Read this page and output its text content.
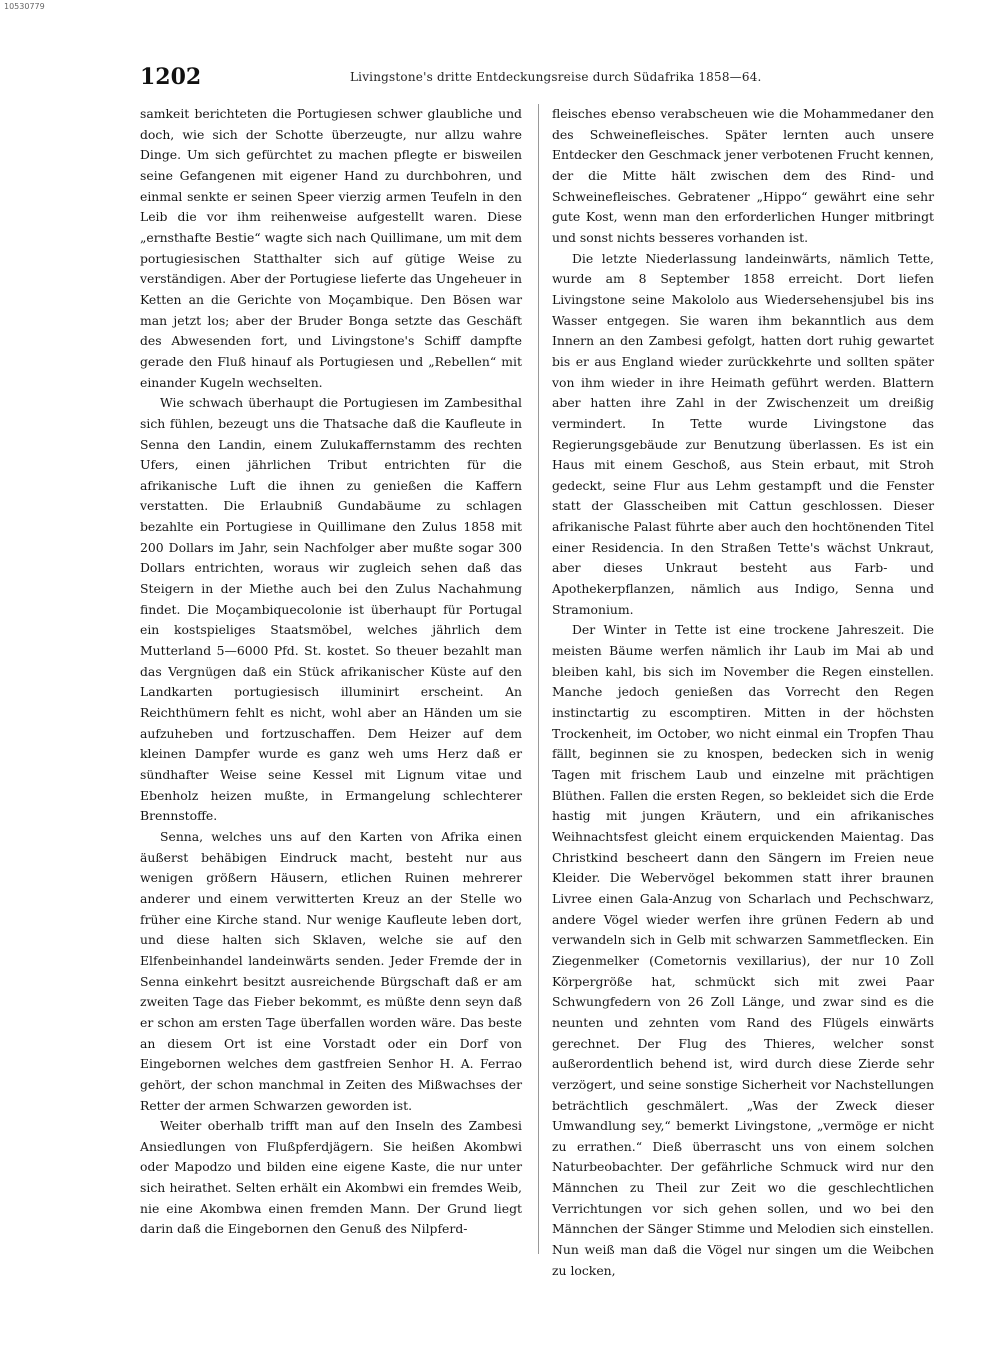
10530779
1202	Livingstone's dritte Entdeckungsreise durch Südafrika 1858—64.

samkeit berichteten die Portugiesen schwer glaubliche und doch, wie sich der Schotte überzeugte, nur allzu wahre Dinge. Um sich gefürchtet zu machen pflegte er bisweilen seine Gefangenen mit eigener Hand zu durchbohren, und einmal senkte er seinen Speer vierzig armen Teufeln in den Leib die vor ihm reihenweise aufgestellt waren. Diese „ernsthafte Bestie“ wagte sich nach Quillimane, um mit dem portugiesischen Statthalter sich auf gütige Weise zu verständigen. Aber der Portugiese lieferte das Ungeheuer in Ketten an die Gerichte von Moçambique. Den Bösen war man jetzt los; aber der Bruder Bonga setzte das Geschäft des Abwesenden fort, und Livingstone's Schiff dampfte gerade den Fluß hinauf als Portugiesen und „Rebellen“ mit einander Kugeln wechselten.

Wie schwach überhaupt die Portugiesen im Zambesithal sich fühlen, bezeugt uns die Thatsache daß die Kaufleute in Senna den Landin, einem Zulukaffernstamm des rechten Ufers, einen jährlichen Tribut entrichten für die afrikanische Luft die ihnen zu genießen die Kaffern verstatten. Die Erlaubniß Gundabäume zu schlagen bezahlte ein Portugiese in Quillimane den Zulus 1858 mit 200 Dollars im Jahr, sein Nachfolger aber mußte sogar 300 Dollars entrichten, woraus wir zugleich sehen daß das Steigern in der Miethe auch bei den Zulus Nachahmung findet. Die Moçambiquecolonie ist überhaupt für Portugal ein kostspieliges Staatsmöbel, welches jährlich dem Mutterland 5—6000 Pfd. St. kostet. So theuer bezahlt man das Vergnügen daß ein Stück afrikanischer Küste auf den Landkarten portugiesisch illuminirt erscheint. An Reichthümern fehlt es nicht, wohl aber an Händen um sie aufzuheben und fortzuschaffen. Dem Heizer auf dem kleinen Dampfer wurde es ganz weh ums Herz daß er sündhafter Weise seine Kessel mit Lignum vitae und Ebenholz heizen mußte, in Ermangelung schlechterer Brennstoffe.

Senna, welches uns auf den Karten von Afrika einen äußerst behäbigen Eindruck macht, besteht nur aus wenigen größern Häusern, etlichen Ruinen mehrerer anderer und einem verwitterten Kreuz an der Stelle wo früher eine Kirche stand. Nur wenige Kaufleute leben dort, und diese halten sich Sklaven, welche sie auf den Elfenbeinhandel landeinwärts senden. Jeder Fremde der in Senna einkehrt besitzt ausreichende Bürgschaft daß er am zweiten Tage das Fieber bekommt, es müßte denn seyn daß er schon am ersten Tage überfallen worden wäre. Das beste an diesem Ort ist eine Vorstadt oder ein Dorf von Eingebornen welches dem gastfreien Senhor H. A. Ferrao gehört, der schon manchmal in Zeiten des Mißwachses der Retter der armen Schwarzen geworden ist.

Weiter oberhalb trifft man auf den Inseln des Zambesi Ansiedlungen von Flußpferdjägern. Sie heißen Akombwi oder Mapodzo und bilden eine eigene Kaste, die nur unter sich heirathet. Selten erhält ein Akombwi ein fremdes Weib, nie eine Akombwa einen fremden Mann. Der Grund liegt darin daß die Eingebornen den Genuß des Nilpferd-

fleisches ebenso verabscheuen wie die Mohammedaner den des Schweinefleisches. Später lernten auch unsere Entdecker den Geschmack jener verbotenen Frucht kennen, der die Mitte hält zwischen dem des Rind- und Schweinefleisches. Gebratener „Hippo“ gewährt eine sehr gute Kost, wenn man den erforderlichen Hunger mitbringt und sonst nichts besseres vorhanden ist.

Die letzte Niederlassung landeinwärts, nämlich Tette, wurde am 8 September 1858 erreicht. Dort liefen Livingstone seine Makololo aus Wiedersehensjubel bis ins Wasser entgegen. Sie waren ihm bekanntlich aus dem Innern an den Zambesi gefolgt, hatten dort ruhig gewartet bis er aus England wieder zurückkehrte und sollten später von ihm wieder in ihre Heimath geführt werden. Blattern aber hatten ihre Zahl in der Zwischenzeit um dreißig vermindert. In Tette wurde Livingstone das Regierungsgebäude zur Benutzung überlassen. Es ist ein Haus mit einem Geschoß, aus Stein erbaut, mit Stroh gedeckt, seine Flur aus Lehm gestampft und die Fenster statt der Glasscheiben mit Cattun geschlossen. Dieser afrikanische Palast führte aber auch den hochtönenden Titel einer Residencia. In den Straßen Tette's wächst Unkraut, aber dieses Unkraut besteht aus Farb- und Apothekerpflanzen, nämlich aus Indigo, Senna und Stramonium.

Der Winter in Tette ist eine trockene Jahreszeit. Die meisten Bäume werfen nämlich ihr Laub im Mai ab und bleiben kahl, bis sich im November die Regen einstellen. Manche jedoch genießen das Vorrecht den Regen instinctartig zu escomptiren. Mitten in der höchsten Trockenheit, im October, wo nicht einmal ein Tropfen Thau fällt, beginnen sie zu knospen, bedecken sich in wenig Tagen mit frischem Laub und einzelne mit prächtigen Blüthen. Fallen die ersten Regen, so bekleidet sich die Erde hastig mit jungen Kräutern, und ein afrikanisches Weihnachtsfest gleicht einem erquickenden Maientag. Das Christkind bescheert dann den Sängern im Freien neue Kleider. Die Webervögel bekommen statt ihrer braunen Livree einen Gala-Anzug von Scharlach und Pechschwarz, andere Vögel wieder werfen ihre grünen Federn ab und verwandeln sich in Gelb mit schwarzen Sammetflecken. Ein Ziegenmelker (Cometornis vexillarius), der nur 10 Zoll Körpergröße hat, schmückt sich mit zwei Paar Schwungfedern von 26 Zoll Länge, und zwar sind es die neunten und zehnten vom Rand des Flügels einwärts gerechnet. Der Flug des Thieres, welcher sonst außerordentlich behend ist, wird durch diese Zierde sehr verzögert, und seine sonstige Sicherheit vor Nachstellungen beträchtlich geschmälert. „Was der Zweck dieser Umwandlung sey,“ bemerkt Livingstone, „vermöge er nicht zu errathen.“ Dieß überrascht uns von einem solchen Naturbeobachter. Der gefährliche Schmuck wird nur den Männchen zu Theil zur Zeit wo die geschlechtlichen Verrichtungen vor sich gehen sollen, und wo bei den Männchen der Sänger Stimme und Melodien sich einstellen. Nun weiß man daß die Vögel nur singen um die Weibchen zu locken,
